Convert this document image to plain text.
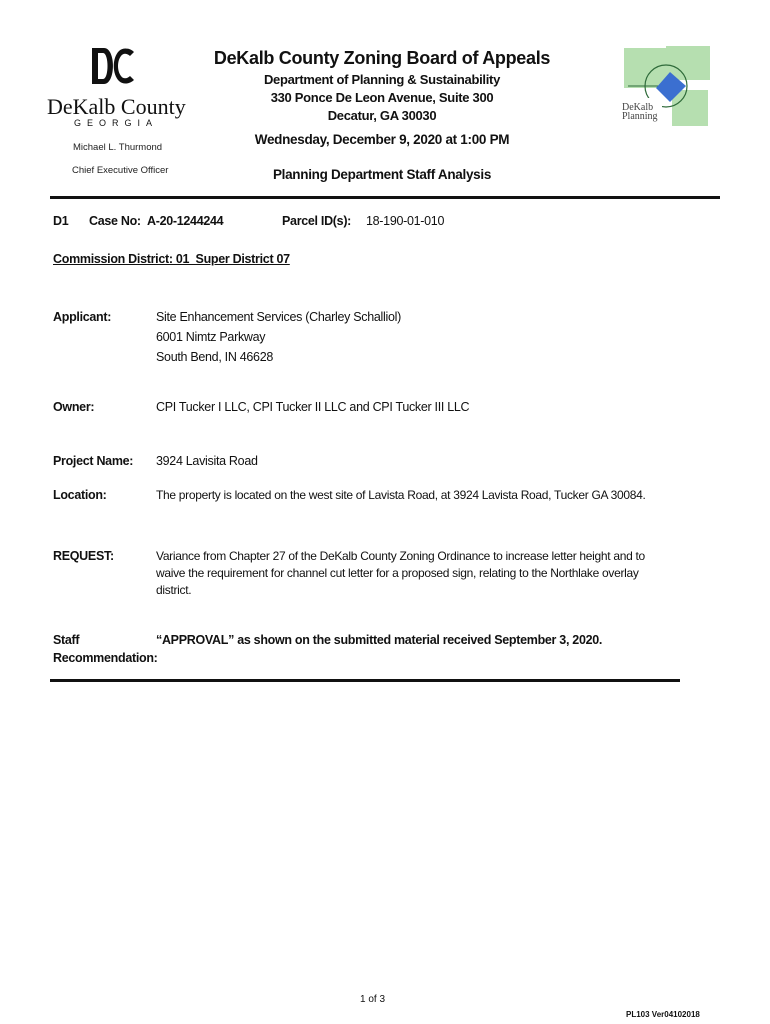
DeKalb County
GEORGIA
Michael L. Thurmond
Chief Executive Officer
DeKalb County Zoning Board of Appeals
Department of Planning & Sustainability
330 Ponce De Leon Avenue, Suite 300
Decatur, GA 30030
Wednesday, December 9, 2020 at 1:00 PM
Planning Department Staff Analysis
DeKalb
Planning
D1 Case No: A-20-1244244	Parcel ID(s): 18-190-01-010
Commission District: 01  Super District 07
Applicant:	Site Enhancement Services (Charley Schalliol)
6001 Nimtz Parkway
South Bend, IN 46628
Owner:	CPI Tucker I LLC, CPI Tucker II LLC and CPI Tucker III LLC
Project Name: 3924 Lavisita Road
Location:	The property is located on the west site of Lavista Road, at 3924 Lavista Road, Tucker GA 30084.
REQUEST:	Variance from Chapter 27 of the DeKalb County Zoning Ordinance to increase letter height and to
waive the requirement for channel cut letter for a proposed sign, relating to the Northlake overlay
district.
Staff
Recommendation:
“APPROVAL” as shown on the submitted material received September 3, 2020.
1 of 3
PL103 Ver04102018
